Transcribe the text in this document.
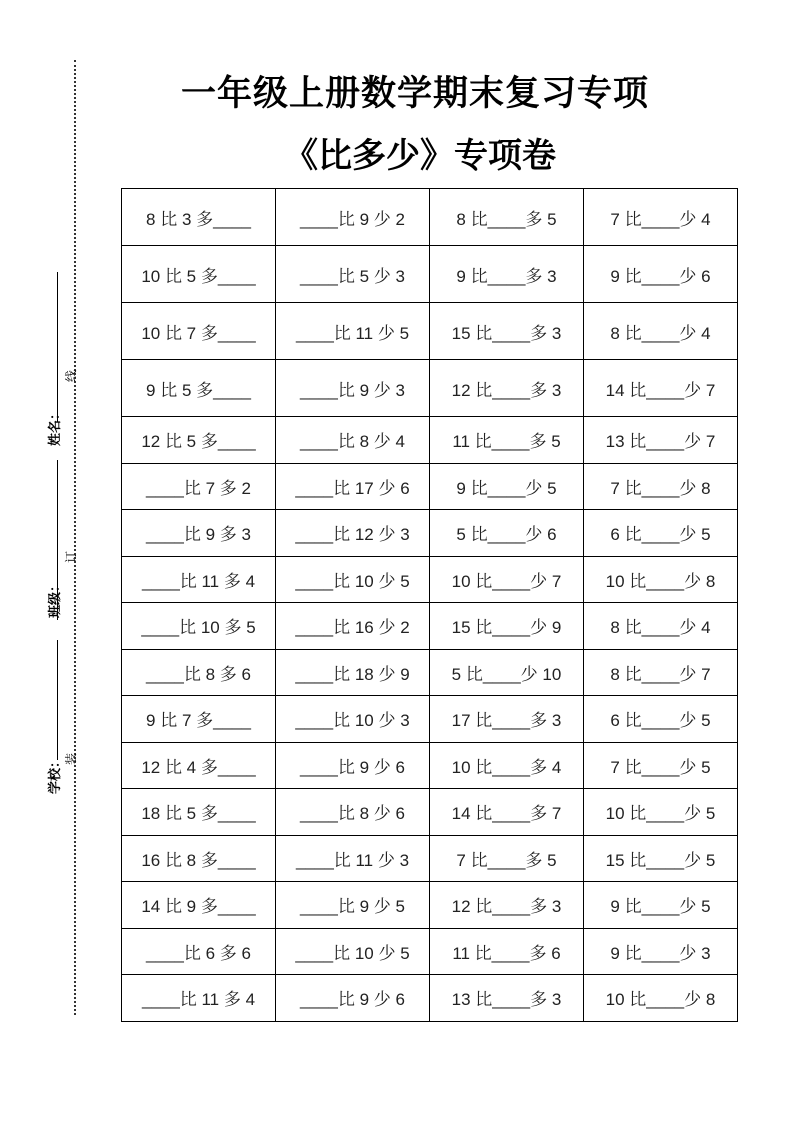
一年级上册数学期末复习专项
《比多少》专项卷
姓名：
班级：
学校：
线
订
装
8 比 3 多____	____比 9 少 2	8 比____多 5	7 比____少 4
10 比 5 多____	____比 5 少 3	9 比____多 3	9 比____少 6
10 比 7 多____	____比 11 少 5	15 比____多 3	8 比____少 4
9 比 5 多____	____比 9 少 3	12 比____多 3	14 比____少 7
12 比 5 多____	____比 8 少 4	11 比____多 5	13 比____少 7
____比 7 多 2	____比 17 少 6	9 比____少 5	7 比____少 8
____比 9 多 3	____比 12 少 3	5 比____少 6	6 比____少 5
____比 11 多 4	____比 10 少 5	10 比____少 7	10 比____少 8
____比 10 多 5	____比 16 少 2	15 比____少 9	8 比____少 4
____比 8 多 6	____比 18 少 9	5 比____少 10	8 比____少 7
9 比 7 多____	____比 10 少 3	17 比____多 3	6 比____少 5
12 比 4 多____	____比 9 少 6	10 比____多 4	7 比____少 5
18 比 5 多____	____比 8 少 6	14 比____多 7	10 比____少 5
16 比 8 多____	____比 11 少 3	7 比____多 5	15 比____少 5
14 比 9 多____	____比 9 少 5	12 比____多 3	9 比____少 5
____比 6 多 6	____比 10 少 5	11 比____多 6	9 比____少 3
____比 11 多 4	____比 9 少 6	13 比____多 3	10 比____少 8
